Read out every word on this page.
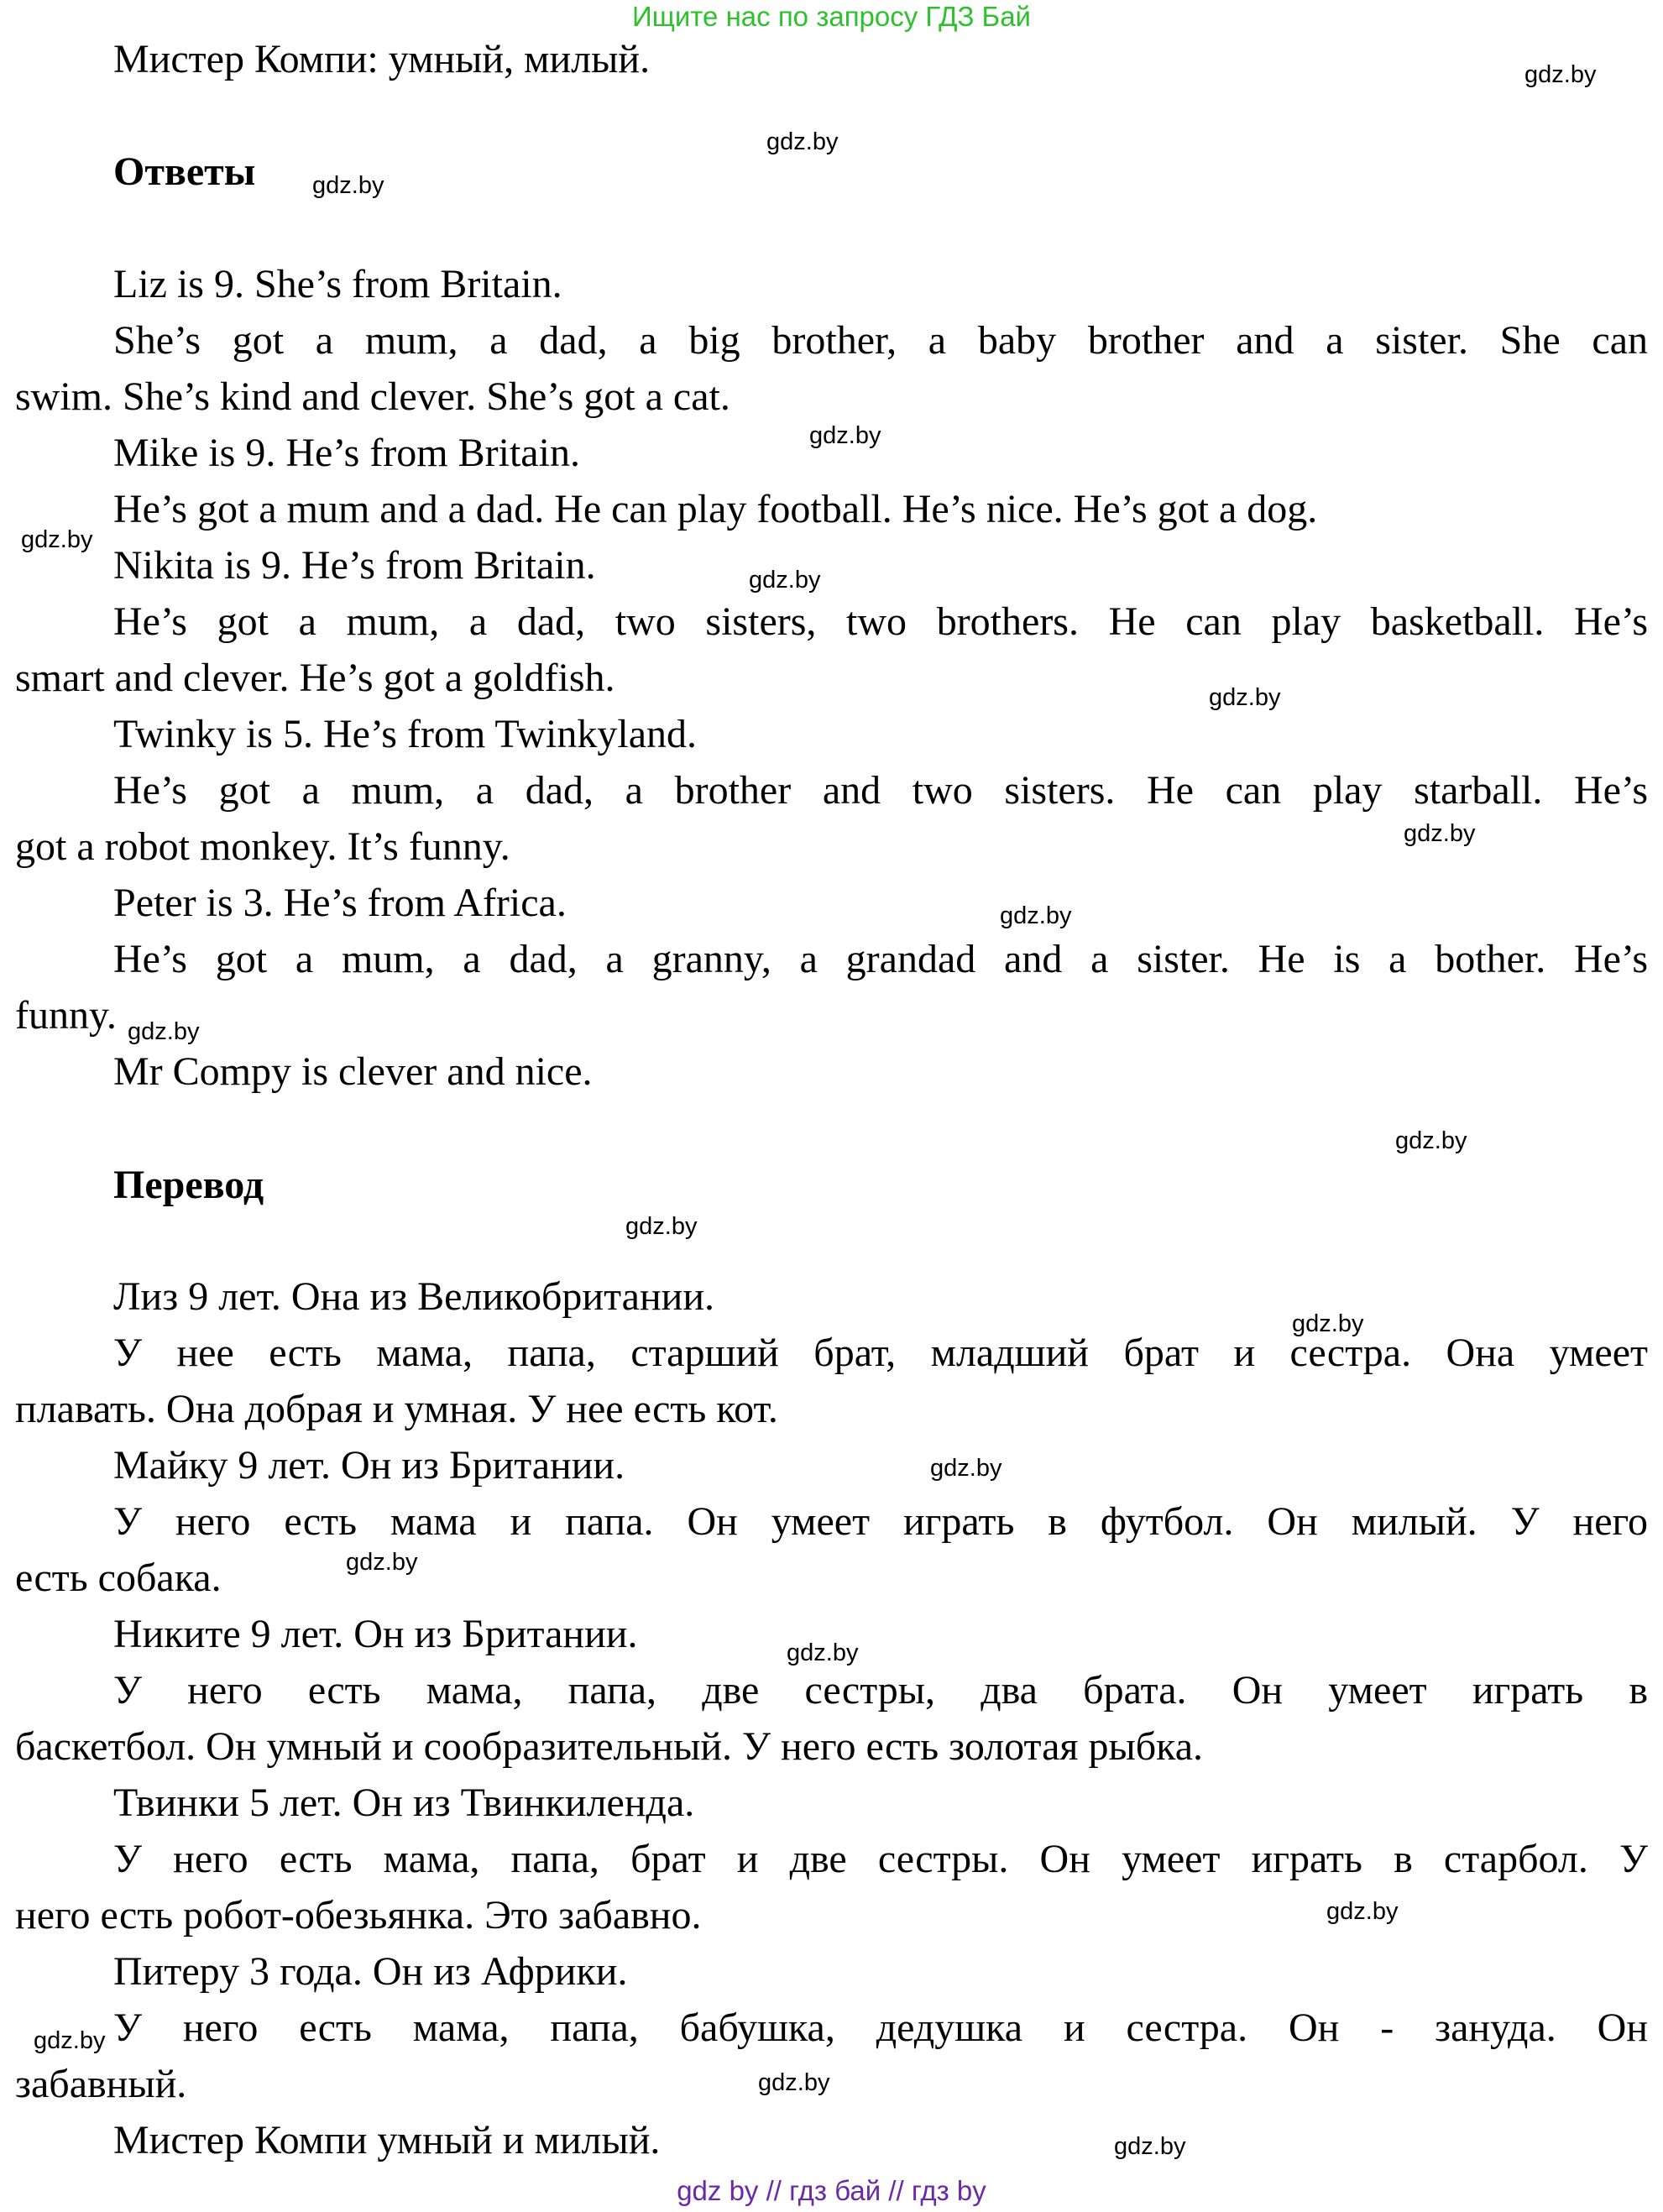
Ищите нас по запросу ГДЗ Бай
Мистер Компи: умный, милый.
Ответы
Liz is 9. She’s from Britain.
She’s got a mum, a dad, a big brother, a baby brother and a sister. She can
swim. She’s kind and clever. She’s got a cat.
Mike is 9. He’s from Britain.
He’s got a mum and a dad. He can play football. He’s nice. He’s got a dog.
Nikita is 9. He’s from Britain.
He’s got a mum, a dad, two sisters, two brothers. He can play basketball. He’s
smart and clever. He’s got a goldfish.
Twinky is 5. He’s from Twinkyland.
He’s got a mum, a dad, a brother and two sisters. He can play starball. He’s
got a robot monkey. It’s funny.
Peter is 3. He’s from Africa.
He’s got a mum, a dad, a granny, a grandad and a sister. He is a bother. He’s
funny.
Mr Compy is clever and nice.
Перевод
Лиз 9 лет. Она из Великобритании.
У нее есть мама, папа, старший брат, младший брат и сестра. Она умеет
плавать. Она добрая и умная. У нее есть кот.
Майку 9 лет. Он из Британии.
У него есть мама и папа. Он умеет играть в футбол. Он милый. У него
есть собака.
Никите 9 лет. Он из Британии.
У него есть мама, папа, две сестры, два брата. Он умеет играть в
баскетбол. Он умный и сообразительный. У него есть золотая рыбка.
Твинки 5 лет. Он из Твинкиленда.
У него есть мама, папа, брат и две сестры. Он умеет играть в старбол. У
него есть робот-обезьянка. Это забавно.
Питеру 3 года. Он из Африки.
У него есть мама, папа, бабушка, дедушка и сестра. Он - зануда. Он
забавный.
Мистер Компи умный и милый.
gdz.by
gdz.by
gdz.by
gdz.by
gdz.by
gdz.by
gdz.by
gdz.by
gdz.by
gdz.by
gdz.by
gdz.by
gdz.by
gdz.by
gdz.by
gdz.by
gdz.by
gdz.by
gdz.by
gdz.by
gdz by // гдз бай // гдз by
